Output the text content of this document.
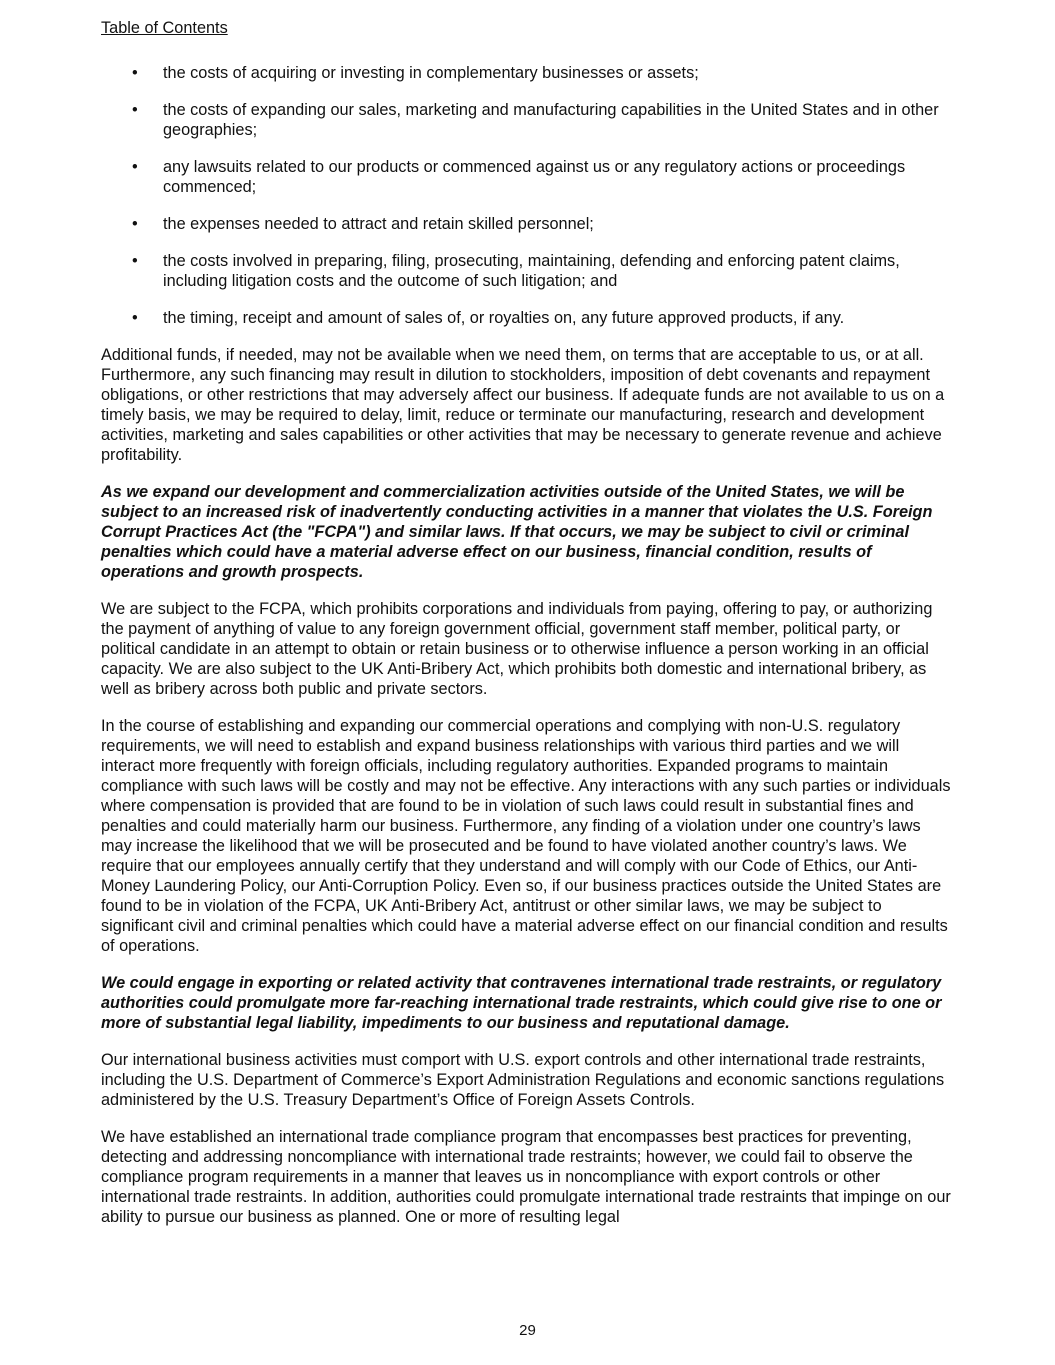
Table of Contents
• the costs of acquiring or investing in complementary businesses or assets;
• the costs of expanding our sales, marketing and manufacturing capabilities in the United States and in other geographies;
• any lawsuits related to our products or commenced against us or any regulatory actions or proceedings commenced;
• the expenses needed to attract and retain skilled personnel;
• the costs involved in preparing, filing, prosecuting, maintaining, defending and enforcing patent claims, including litigation costs and the outcome of such litigation; and
• the timing, receipt and amount of sales of, or royalties on, any future approved products, if any.

Additional funds, if needed, may not be available when we need them, on terms that are acceptable to us, or at all. Furthermore, any such financing may result in dilution to stockholders, imposition of debt covenants and repayment obligations, or other restrictions that may adversely affect our business. If adequate funds are not available to us on a timely basis, we may be required to delay, limit, reduce or terminate our manufacturing, research and development activities, marketing and sales capabilities or other activities that may be necessary to generate revenue and achieve profitability.

As we expand our development and commercialization activities outside of the United States, we will be subject to an increased risk of inadvertently conducting activities in a manner that violates the U.S. Foreign Corrupt Practices Act (the "FCPA") and similar laws. If that occurs, we may be subject to civil or criminal penalties which could have a material adverse effect on our business, financial condition, results of operations and growth prospects.

We are subject to the FCPA, which prohibits corporations and individuals from paying, offering to pay, or authorizing the payment of anything of value to any foreign government official, government staff member, political party, or political candidate in an attempt to obtain or retain business or to otherwise influence a person working in an official capacity. We are also subject to the UK Anti-Bribery Act, which prohibits both domestic and international bribery, as well as bribery across both public and private sectors.

In the course of establishing and expanding our commercial operations and complying with non-U.S. regulatory requirements, we will need to establish and expand business relationships with various third parties and we will interact more frequently with foreign officials, including regulatory authorities. Expanded programs to maintain compliance with such laws will be costly and may not be effective. Any interactions with any such parties or individuals where compensation is provided that are found to be in violation of such laws could result in substantial fines and penalties and could materially harm our business. Furthermore, any finding of a violation under one country’s laws may increase the likelihood that we will be prosecuted and be found to have violated another country’s laws. We require that our employees annually certify that they understand and will comply with our Code of Ethics, our Anti-Money Laundering Policy, our Anti-Corruption Policy. Even so, if our business practices outside the United States are found to be in violation of the FCPA, UK Anti-Bribery Act, antitrust or other similar laws, we may be subject to significant civil and criminal penalties which could have a material adverse effect on our financial condition and results of operations.

We could engage in exporting or related activity that contravenes international trade restraints, or regulatory authorities could promulgate more far-reaching international trade restraints, which could give rise to one or more of substantial legal liability, impediments to our business and reputational damage.

Our international business activities must comport with U.S. export controls and other international trade restraints, including the U.S. Department of Commerce’s Export Administration Regulations and economic sanctions regulations administered by the U.S. Treasury Department’s Office of Foreign Assets Controls.

We have established an international trade compliance program that encompasses best practices for preventing, detecting and addressing noncompliance with international trade restraints; however, we could fail to observe the compliance program requirements in a manner that leaves us in noncompliance with export controls or other international trade restraints. In addition, authorities could promulgate international trade restraints that impinge on our ability to pursue our business as planned. One or more of resulting legal

29
